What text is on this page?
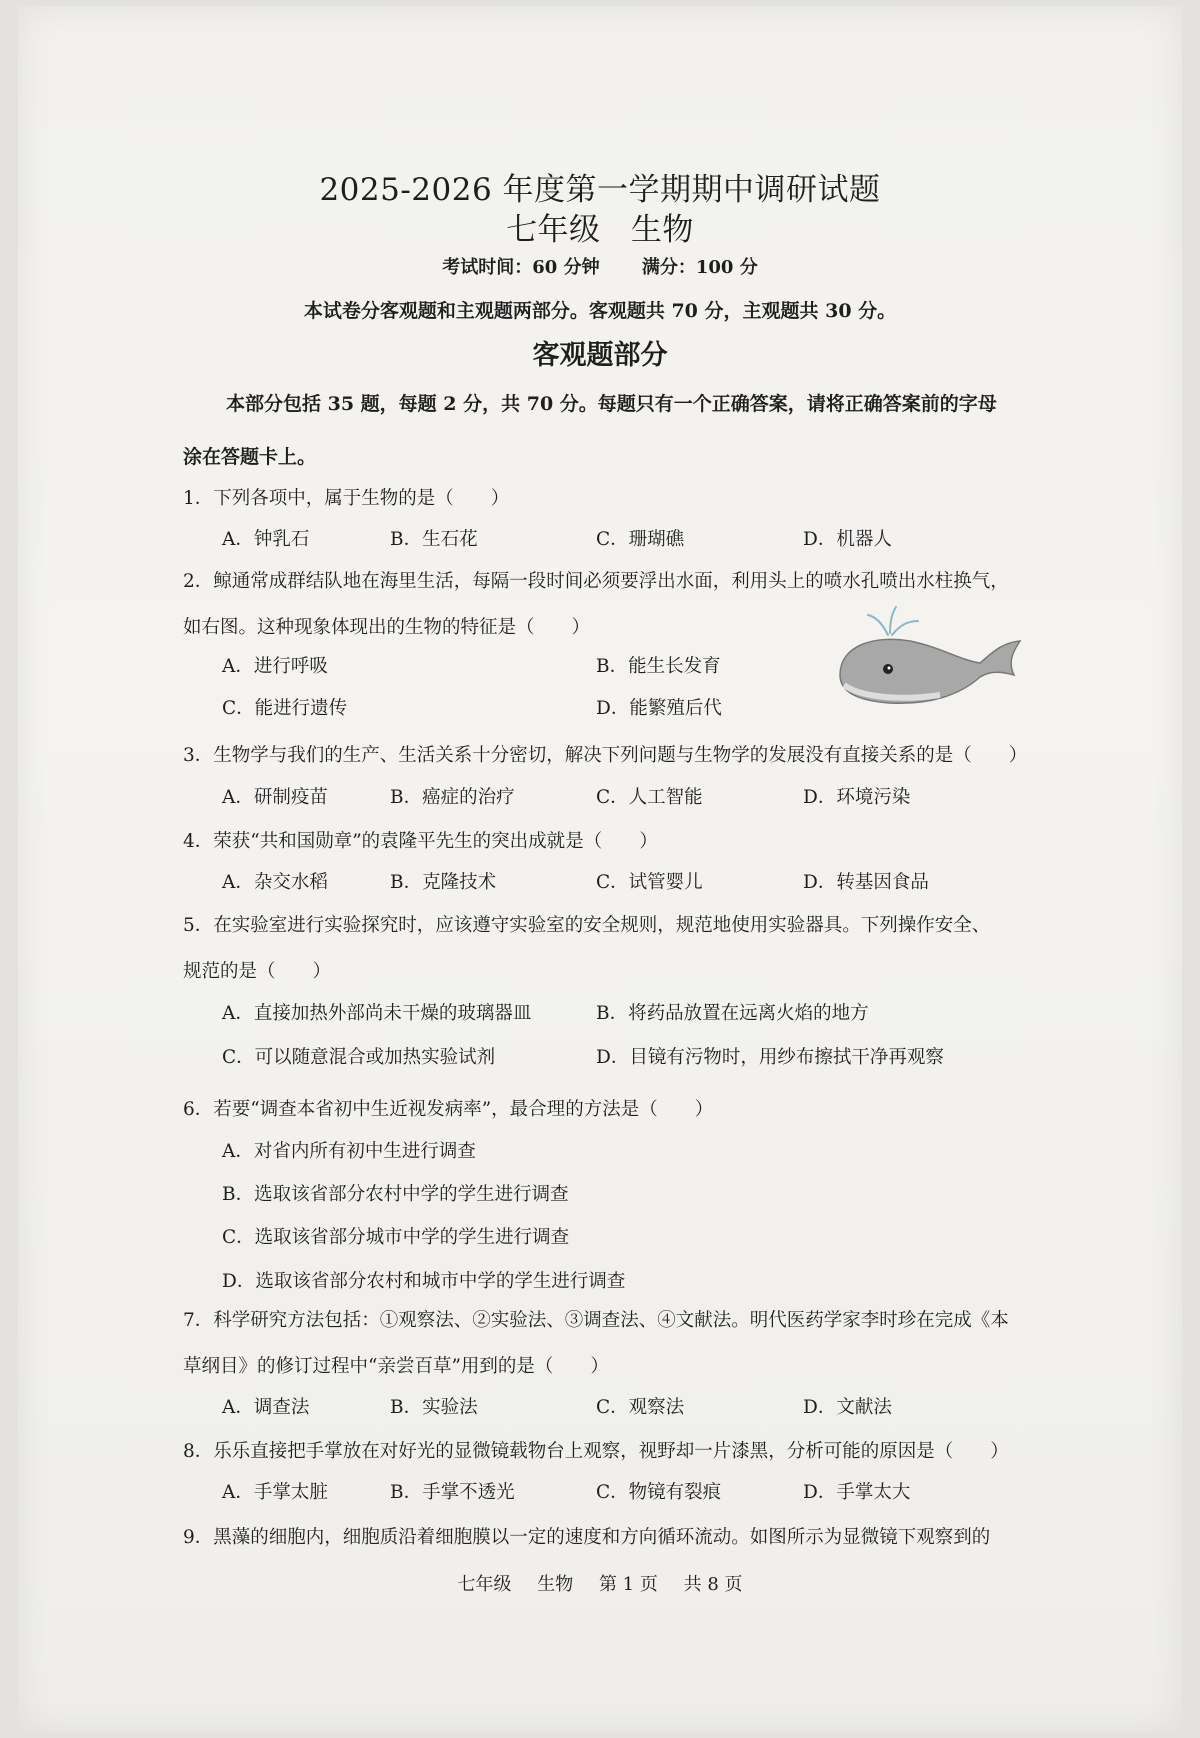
2025-2026 年度第一学期期中调研试题
七年级 生物
考试时间：60 分钟 满分：100 分
本试卷分客观题和主观题两部分。客观题共 70 分，主观题共 30 分。
客观题部分
本部分包括 35 题，每题 2 分，共 70 分。每题只有一个正确答案，请将正确答案前的字母
涂在答题卡上。
1．下列各项中，属于生物的是（　　）
A．钟乳石	B．生石花	C．珊瑚礁	D．机器人
2．鲸通常成群结队地在海里生活，每隔一段时间必须要浮出水面，利用头上的喷水孔喷出水柱换气，
如右图。这种现象体现出的生物的特征是（　　）
A．进行呼吸	B．能生长发育
C．能进行遗传	D．能繁殖后代
3．生物学与我们的生产、生活关系十分密切，解决下列问题与生物学的发展没有直接关系的是（　　）
A．研制疫苗	B．癌症的治疗	C．人工智能	D．环境污染
4．荣获“共和国勋章”的袁隆平先生的突出成就是（　　）
A．杂交水稻	B．克隆技术	C．试管婴儿	D．转基因食品
5．在实验室进行实验探究时，应该遵守实验室的安全规则，规范地使用实验器具。下列操作安全、
规范的是（　　）
A．直接加热外部尚未干燥的玻璃器皿	B．将药品放置在远离火焰的地方
C．可以随意混合或加热实验试剂	D．目镜有污物时，用纱布擦拭干净再观察
6．若要“调查本省初中生近视发病率”，最合理的方法是（　　）
A．对省内所有初中生进行调查
B．选取该省部分农村中学的学生进行调查
C．选取该省部分城市中学的学生进行调查
D．选取该省部分农村和城市中学的学生进行调查
7．科学研究方法包括：①观察法、②实验法、③调查法、④文献法。明代医药学家李时珍在完成《本
草纲目》的修订过程中“亲尝百草”用到的是（　　）
A．调查法	B．实验法	C．观察法	D．文献法
8．乐乐直接把手掌放在对好光的显微镜载物台上观察，视野却一片漆黑，分析可能的原因是（　　）
A．手掌太脏	B．手掌不透光	C．物镜有裂痕	D．手掌太大
9．黑藻的细胞内，细胞质沿着细胞膜以一定的速度和方向循环流动。如图所示为显微镜下观察到的
七年级 生物 第 1 页 共 8 页
